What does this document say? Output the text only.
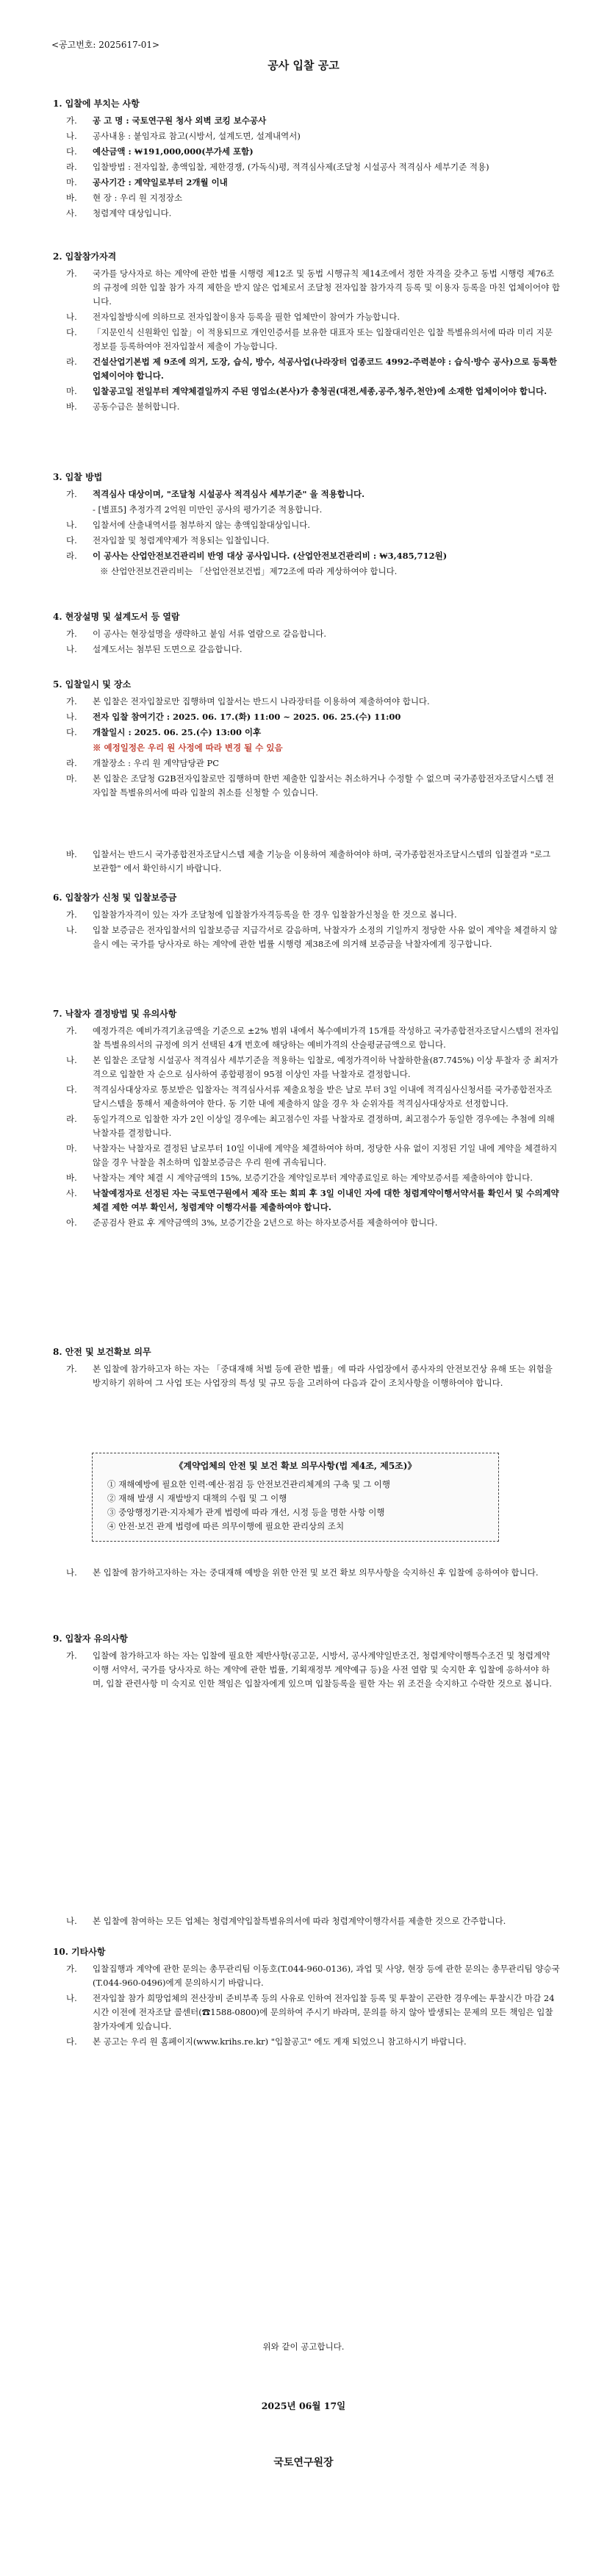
<공고번호: 2025617-01>
공사 입찰 공고
1. 입찰에 부치는 사항
가.	공 고 명 : 국토연구원 청사 외벽 코킹 보수공사
나.	공사내용 : 붙임자료 참고(시방서, 설계도면, 설계내역서)
다.	예산금액 : ₩191,000,000(부가세 포함)
라.	입찰방법 : 전자입찰, 총액입찰, 제한경쟁, (가독식)평, 적격심사제(조달청 시설공사 적격심사 세부기준 적용)
마.	공사기간 : 계약일로부터 2개월 이내
바.	현 장 : 우리 원 지정장소
사.	청렴계약 대상입니다.
2. 입찰참가자격
가.	국가를 당사자로 하는 계약에 관한 법률 시행령 제12조 및 동법 시행규칙 제14조에서 정한 자격을 갖추고 동법 시행령 제76조의 규정에 의한 입찰 참가 자격 제한을 받지 않은 업체로서 조달청 전자입찰 참가자격 등록 및 이용자 등록을 마친 업체이어야 합니다.
나.	전자입찰방식에 의하므로 전자입찰이용자 등록을 필한 업체만이 참여가 가능합니다.
다.	「지문인식 신원확인 입찰」이 적용되므로 개인인증서를 보유한 대표자 또는 입찰대리인은 입찰 특별유의서에 따라 미리 지문정보를 등록하여야 전자입찰서 제출이 가능합니다.
라.	건설산업기본법 제 9조에 의거, 도장, 습식, 방수, 석공사업(나라장터 업종코드 4992-주력분야 : 습식·방수 공사)으로 등록한 업체이어야 합니다.
마.	입찰공고일 전일부터 계약체결일까지 주된 영업소(본사)가 충청권(대전,세종,공주,청주,천안)에 소재한 업체이어야 합니다.
바.	공동수급은 불허합니다.
3. 입찰 방법
가.	적격심사 대상이며, "조달청 시설공사 적격심사 세부기준" 을 적용합니다.
- [별표5] 추정가격 2억원 미만인 공사의 평가기준 적용합니다.
나.	입찰서에 산출내역서를 첨부하지 않는 총액입찰대상입니다.
다.	전자입찰 및 청렴계약제가 적용되는 입찰입니다.
라.	이 공사는 산업안전보건관리비 반영 대상 공사입니다. (산업안전보건관리비 : ₩3,485,712원)
※ 산업안전보건관리비는 「산업안전보건법」제72조에 따라 계상하여야 합니다.
4. 현장설명 및 설계도서 등 열람
가.	이 공사는 현장설명을 생략하고 붙임 서류 열람으로 갈음합니다.
나.	설계도서는 첨부된 도면으로 갈음합니다.
5. 입찰일시 및 장소
가.	본 입찰은 전자입찰로만 집행하며 입찰서는 반드시 나라장터를 이용하여 제출하여야 합니다.
나.	전자 입찰 참여기간 : 2025. 06. 17.(화) 11:00 ~ 2025. 06. 25.(수) 11:00
다.	개찰일시 : 2025. 06. 25.(수) 13:00 이후
※ 예정일정은 우리 원 사정에 따라 변경 될 수 있음
라.	개찰장소 : 우리 원 계약담당관 PC
마.	본 입찰은 조달청 G2B전자입찰로만 집행하며 한번 제출한 입찰서는 취소하거나 수정할 수 없으며 국가종합전자조달시스템 전자입찰 특별유의서에 따라 입찰의 취소를 신청할 수 있습니다.
바.	입찰서는 반드시 국가종합전자조달시스템 제출 기능을 이용하여 제출하여야 하며, 국가종합전자조달시스템의 입찰결과 "로그 보관함" 에서 확인하시기 바랍니다.
6. 입찰참가 신청 및 입찰보증금
가.	입찰참가자격이 있는 자가 조달청에 입찰참가자격등록을 한 경우 입찰참가신청을 한 것으로 봅니다.
나.	입찰 보증금은 전자입찰서의 입찰보증금 지급각서로 갈음하며, 낙찰자가 소정의 기일까지 정당한 사유 없이 계약을 체결하지 않을시 에는 국가를 당사자로 하는 계약에 관한 법률 시행령 제38조에 의거해 보증금을 낙찰자에게 징구합니다.
7. 낙찰자 결정방법 및 유의사항
가.	예정가격은 예비가격기초금액을 기준으로 ±2% 범위 내에서 복수예비가격 15개를 작성하고 국가종합전자조달시스템의 전자입찰 특별유의서의 규정에 의거 선택된 4개 번호에 해당하는 예비가격의 산술평균금액으로 합니다.
나.	본 입찰은 조달청 시설공사 적격심사 세부기준을 적용하는 입찰로, 예정가격이하 낙찰하한율(87.745%) 이상 투찰자 중 최저가격으로 입찰한 자 순으로 심사하여 종합평점이 95점 이상인 자를 낙찰자로 결정합니다.
다.	적격심사대상자로 통보받은 입찰자는 적격심사서류 제출요청을 받은 날로 부터 3일 이내에 적격심사신청서를 국가종합전자조달시스템을 통해서 제출하여야 한다. 동 기한 내에 제출하지 않을 경우 차 순위자를 적격심사대상자로 선정합니다.
라.	동일가격으로 입찰한 자가 2인 이상일 경우에는 최고점수인 자를 낙찰자로 결정하며, 최고점수가 동일한 경우에는 추첨에 의해 낙찰자를 결정합니다.
마.	낙찰자는 낙찰자로 결정된 날로부터 10일 이내에 계약을 체결하여야 하며, 정당한 사유 없이 지정된 기일 내에 계약을 체결하지 않을 경우 낙찰을 취소하며 입찰보증금은 우리 원에 귀속됩니다.
바.	낙찰자는 계약 체결 시 계약금액의 15%, 보증기간을 계약일로부터 계약종료일로 하는 계약보증서를 제출하여야 합니다.
사.	낙찰예정자로 선정된 자는 국토연구원에서 제작 또는 회피 후 3일 이내인 자에 대한 청렴계약이행서약서를 확인서 및 수의계약 체결 제한 여부 확인서, 청렴계약 이행각서를 제출하여야 합니다.
아.	준공검사 완료 후 계약금액의 3%, 보증기간을 2년으로 하는 하자보증서를 제출하여야 합니다.
8. 안전 및 보건확보 의무
가.	본 입찰에 참가하고자 하는 자는 「중대재해 처벌 등에 관한 법률」에 따라 사업장에서 종사자의 안전보건상 유해 또는 위험을 방지하기 위하여 그 사업 또는 사업장의 특성 및 규모 등을 고려하여 다음과 같이 조치사항을 이행하여야 합니다.
《계약업체의 안전 및 보건 확보 의무사항(법 제4조, 제5조)》
① 재해예방에 필요한 인력·예산·점검 등 안전보건관리체계의 구축 및 그 이행
② 재해 발생 시 재발방지 대책의 수립 및 그 이행
③ 중앙행정기관·지자체가 관계 법령에 따라 개선, 시정 등을 명한 사항 이행
④ 안전·보건 관계 법령에 따른 의무이행에 필요한 관리상의 조치
나.	본 입찰에 참가하고자하는 자는 중대재해 예방을 위한 안전 및 보건 확보 의무사항을 숙지하신 후 입찰에 응하여야 합니다.
9. 입찰자 유의사항
가.	입찰에 참가하고자 하는 자는 입찰에 필요한 제반사항(공고문, 시방서, 공사계약일반조건, 청렴계약이행특수조건 및 청렴계약 이행 서약서, 국가를 당사자로 하는 계약에 관한 법률, 기획재정부 계약예규 등)을 사전 열람 및 숙지한 후 입찰에 응하셔야 하며, 입찰 관련사항 미 숙지로 인한 책임은 입찰자에게 있으며 입찰등록을 필한 자는 위 조건을 숙지하고 수락한 것으로 봅니다.
나.	본 입찰에 참여하는 모든 업체는 청렴계약입찰특별유의서에 따라 청렴계약이행각서를 제출한 것으로 간주합니다.
10. 기타사항
가.	입찰집행과 계약에 관한 문의는 총무관리팀 이동호(T.044-960-0136), 과업 및 사양, 현장 등에 관한 문의는 총무관리팀 양승국(T.044-960-0496)에게 문의하시기 바랍니다.
나.	전자입찰 참가 희망업체의 전산장비 준비부족 등의 사유로 인하여 전자입찰 등록 및 투찰이 곤란한 경우에는 투찰시간 마감 24시간 이전에 전자조달 콜센터(☎1588-0800)에 문의하여 주시기 바라며, 문의를 하지 않아 발생되는 문제의 모든 책임은 입찰참가자에게 있습니다.
다.	본 공고는 우리 원 홈페이지(www.krihs.re.kr) "입찰공고" 에도 게재 되었으니 참고하시기 바랍니다.
위와 같이 공고합니다.
2025년 06월 17일
국토연구원장
